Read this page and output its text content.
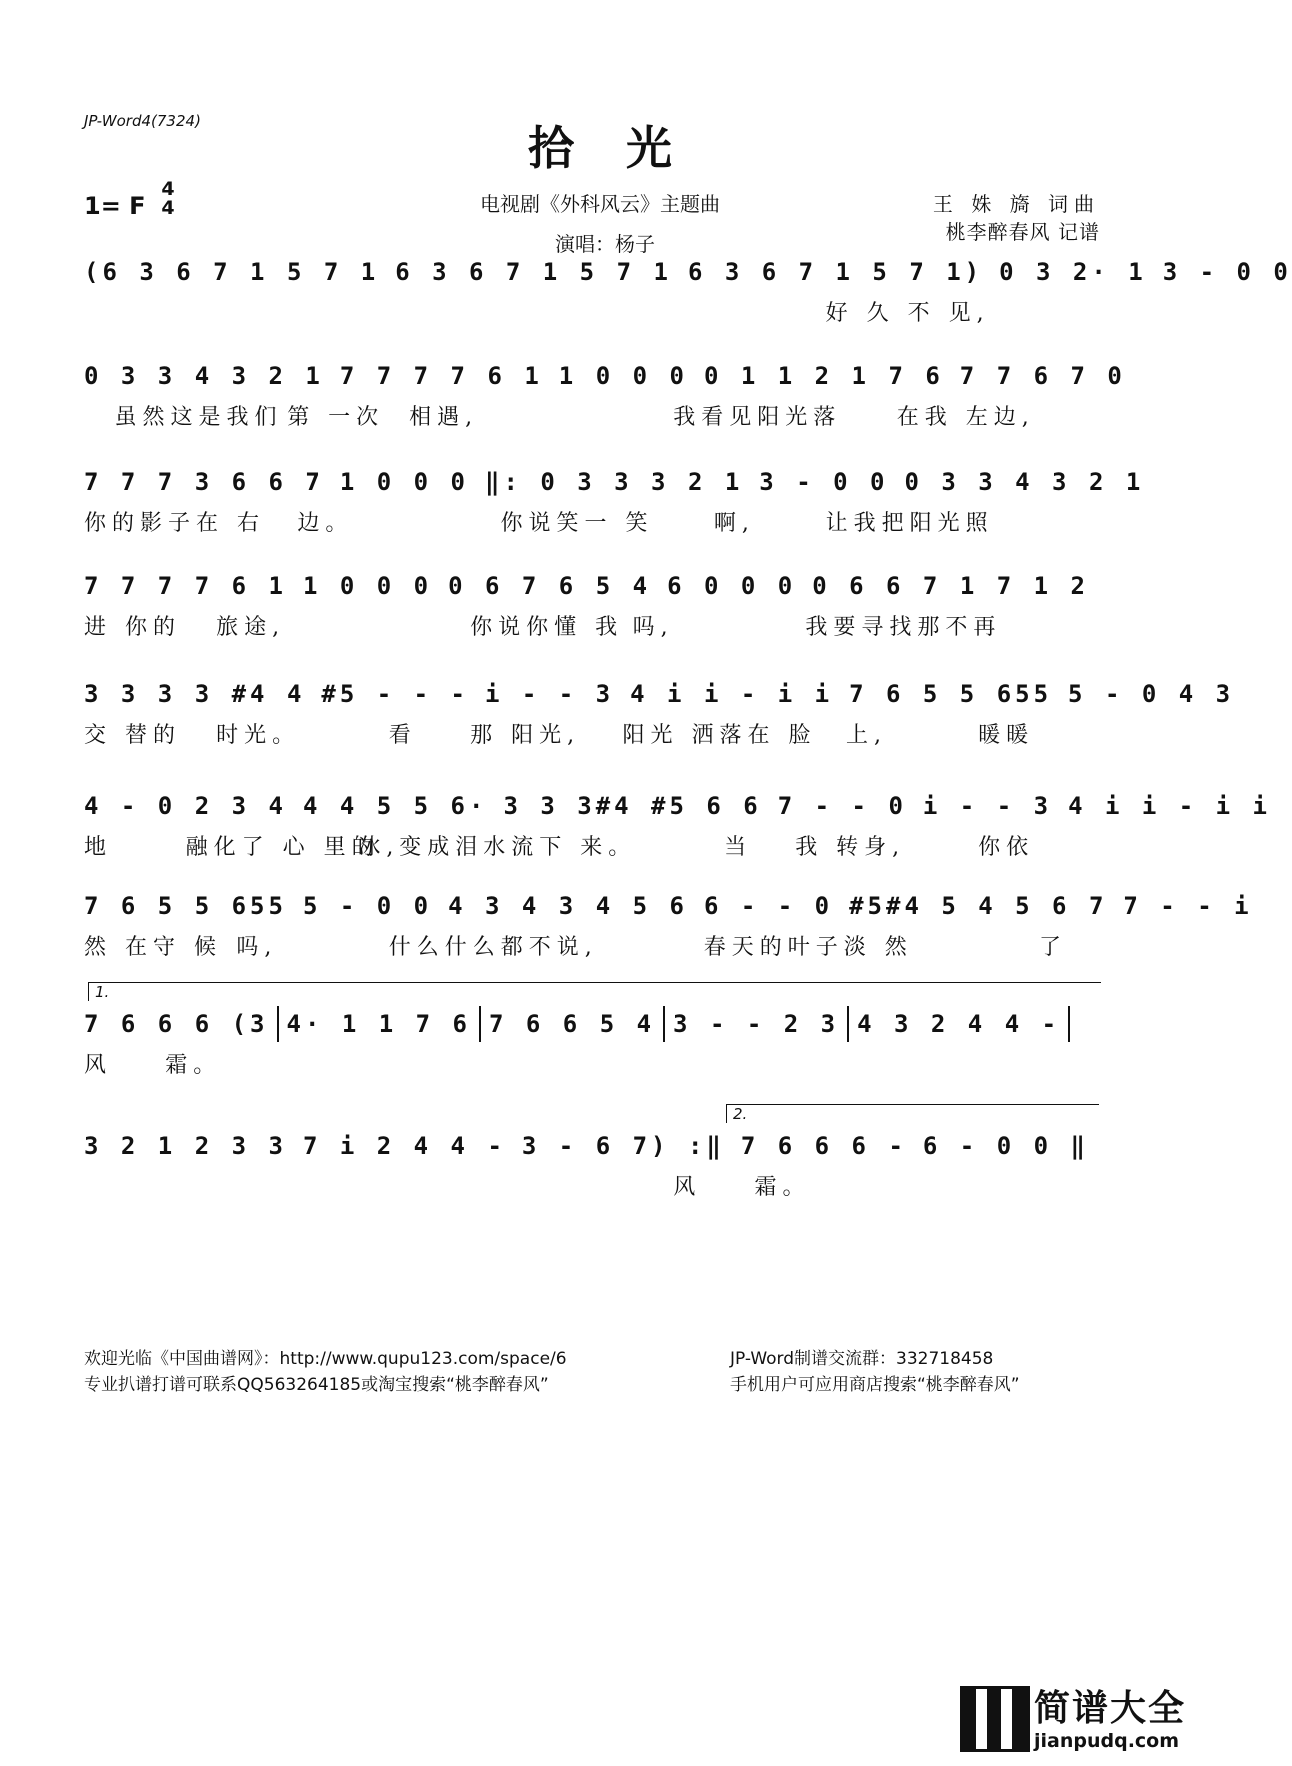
JP-Word4(7324)	拾光
1= F
4
4	电视剧《外科风云》主题曲
演唱：杨子
王 姝 旖 词曲
桃李醉春风 记谱
(6 3 6 7 1 5 7 1 6 3 6 7 1 5 7 1 6 3 6 7 1 5 7 1) 0 3 2· 1 3 - 0 0
好 久 不 见,
0 3 3 4 3 2 1 7 7 7 7 6 1 1 0 0 0 0 1 1 2 1 7 6 7 7 6 7 0
虽然这是我们 第 一次 相遇,	我看见阳光落	在我 左边,
7 7 7 3 6 6 7 1 0 0 0 ‖: 0 3 3 3 2 1 3 - 0 0 0 3 3 4 3 2 1
你的影子在 右 边。	你说笑一 笑	啊,	让我把阳光照
7 7 7 7 6 1 1 0 0 0 0 6 7 6 5 4 6 0 0 0 0 6 6 7 1 7 1 2
进 你的 旅途,	你说你懂 我 吗,	我要寻找那不再
3 3 3 3 #4 4 #5 - - - i - - 3 4 i i - i i 7 6 5 5 655 5 - 0 4 3
交 替的 时光。	看 那 阳光, 阳光 洒落在 脸 上,	暖暖
4 - 0 2 3 4 4 4 5 5 6· 3 3 3#4 #5 6 6 7 - - 0 i - - 3 4 i i - i i
地	融化了 心 里的
冰,变成泪水流下 来。	当 我 转身,	你依
7 6 5 5 655 5 - 0 0 4 3 4 3 4 5 6 6 - - 0 #5#4 5 4 5 6 7 7 - - i
然 在守 候 吗,	什么什么都不说,	春天的叶子淡 然	了
7 6 6 6 (3 4· 1 1 7 6 7 6 6 5 4 3 - - 2 3 4 3 2 4 4 -
风 霜。
3 2 1 2 3 3 7 i 2 4 4 - 3 - 6 7) :‖ 7 6 6 6 - 6 - 0 0 ‖
风 霜。
欢迎光临《中国曲谱网》：http://www.qupu123.com/space/6
专业扒谱打谱可联系QQ563264185或淘宝搜索“桃李醉春风”
JP-Word制谱交流群：332718458
手机用户可应用商店搜索“桃李醉春风”
简谱大全
jianpudq.com
1.
2.
